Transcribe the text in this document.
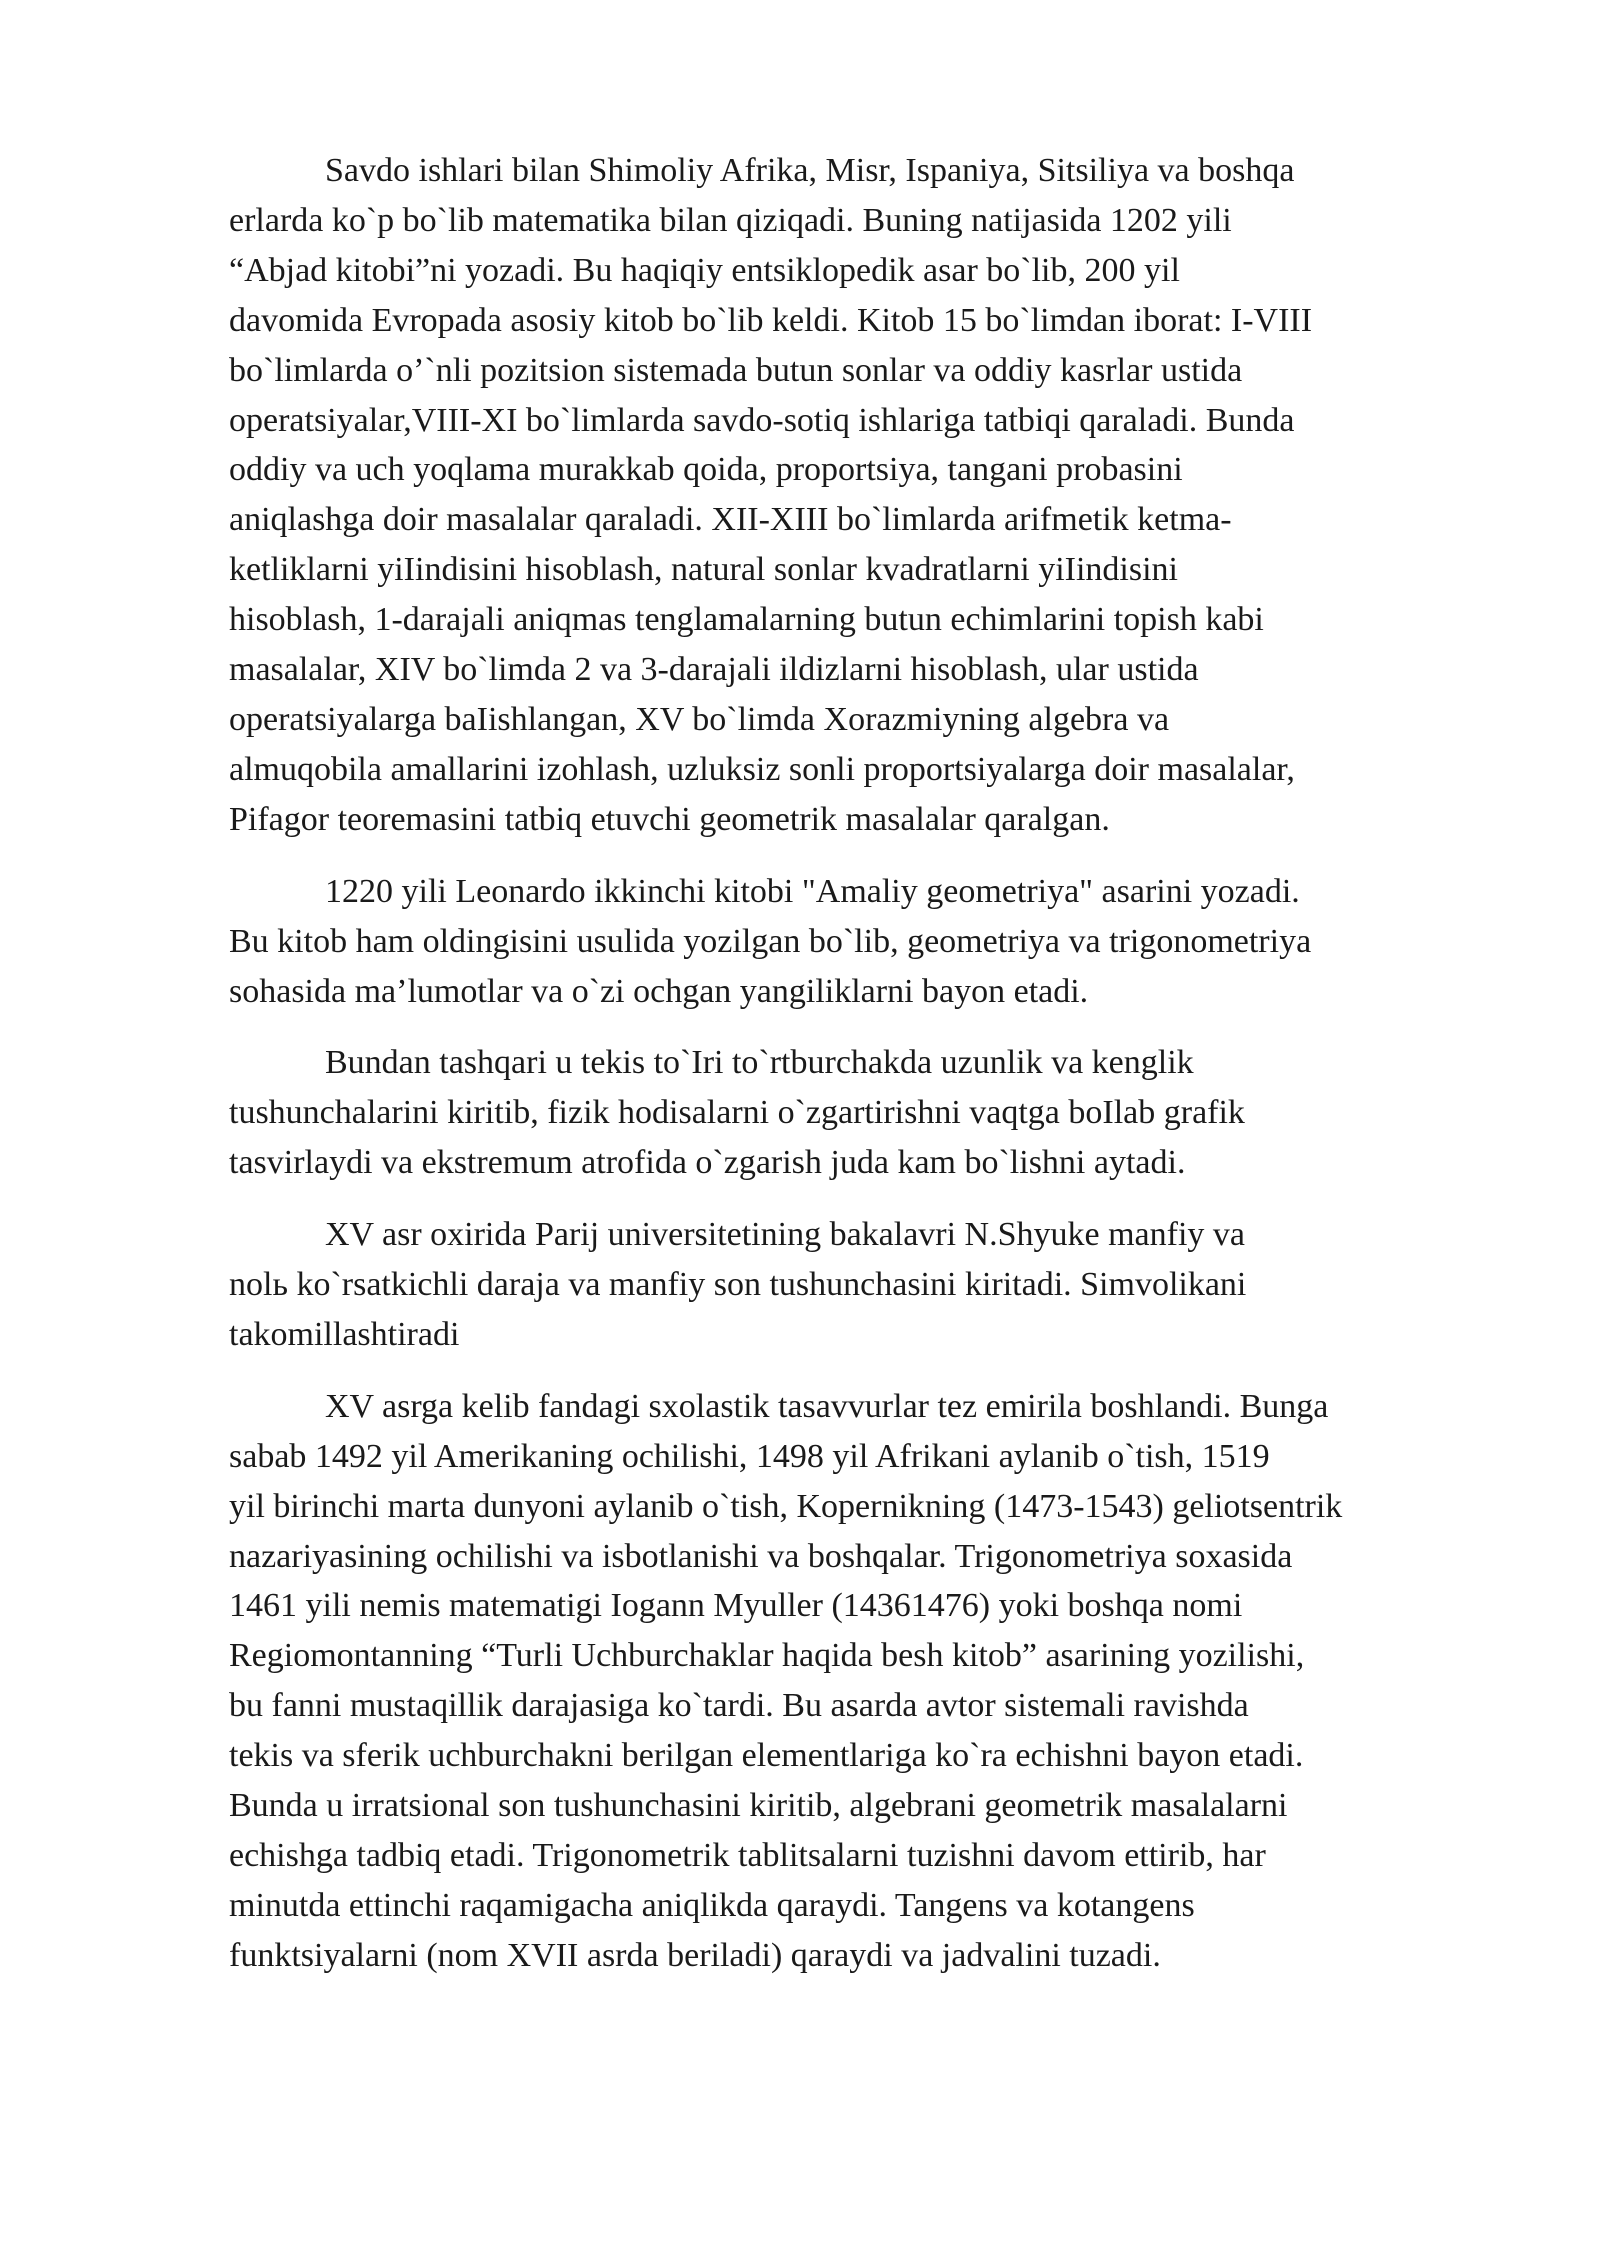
Savdo ishlari bilan Shimoliy Afrika, Misr, Ispaniya, Sitsiliya va boshqa
erlarda ko`p bo`lib matematika bilan qiziqadi. Buning natijasida 1202 yili
“Abjad kitobi”ni yozadi. Bu haqiqiy entsiklopedik asar bo`lib, 200 yil
davomida Evropada asosiy kitob bo`lib keldi. Kitob 15 bo`limdan iborat: I-VIII
bo`limlarda o’`nli pozitsion sistemada butun sonlar va oddiy kasrlar ustida
operatsiyalar,VIII-XI bo`limlarda savdo-sotiq ishlariga tatbiqi qaraladi. Bunda
oddiy va uch yoqlama murakkab qoida, proportsiya, tangani probasini
aniqlashga doir masalalar qaraladi. XII-XIII bo`limlarda arifmetik ketma-
ketliklarni yiIindisini hisoblash, natural sonlar kvadratlarni yiIindisini
hisoblash, 1-darajali aniqmas tenglamalarning butun echimlarini topish kabi
masalalar, XIV bo`limda 2 va 3-darajali ildizlarni hisoblash, ular ustida
operatsiyalarga baIishlangan, XV bo`limda Xorazmiyning algebra va
almuqobila amallarini izohlash, uzluksiz sonli proportsiyalarga doir masalalar,
Pifagor teoremasini tatbiq etuvchi geometrik masalalar qaralgan.

1220 yili Leonardo ikkinchi kitobi "Amaliy geometriya" asarini yozadi.
Bu kitob ham oldingisini usulida yozilgan bo`lib, geometriya va trigonometriya
sohasida ma’lumotlar va o`zi ochgan yangiliklarni bayon etadi.

Bundan tashqari u tekis to`Iri to`rtburchakda uzunlik va kenglik
tushunchalarini kiritib, fizik hodisalarni o`zgartirishni vaqtga boIlab grafik
tasvirlaydi va ekstremum atrofida o`zgarish juda kam bo`lishni aytadi.

XV asr oxirida Parij universitetining bakalavri N.Shyuke manfiy va
nolь ko`rsatkichli daraja va manfiy son tushunchasini kiritadi. Simvolikani
takomillashtiradi

XV asrga kelib fandagi sxolastik tasavvurlar tez emirila boshlandi. Bunga
sabab 1492 yil Amerikaning ochilishi, 1498 yil Afrikani aylanib o`tish, 1519
yil birinchi marta dunyoni aylanib o`tish, Kopernikning (1473-1543) geliotsentrik
nazariyasining ochilishi va isbotlanishi va boshqalar. Trigonometriya soxasida
1461 yili nemis matematigi Iogann Myuller (14361476) yoki boshqa nomi
Regiomontanning “Turli Uchburchaklar haqida besh kitob” asarining yozilishi,
bu fanni mustaqillik darajasiga ko`tardi. Bu asarda avtor sistemali ravishda
tekis va sferik uchburchakni berilgan elementlariga ko`ra echishni bayon etadi.
Bunda u irratsional son tushunchasini kiritib, algebrani geometrik masalalarni
echishga tadbiq etadi. Trigonometrik tablitsalarni tuzishni davom ettirib, har
minutda ettinchi raqamigacha aniqlikda qaraydi. Tangens va kotangens
funktsiyalarni (nom XVII asrda beriladi) qaraydi va jadvalini tuzadi.
